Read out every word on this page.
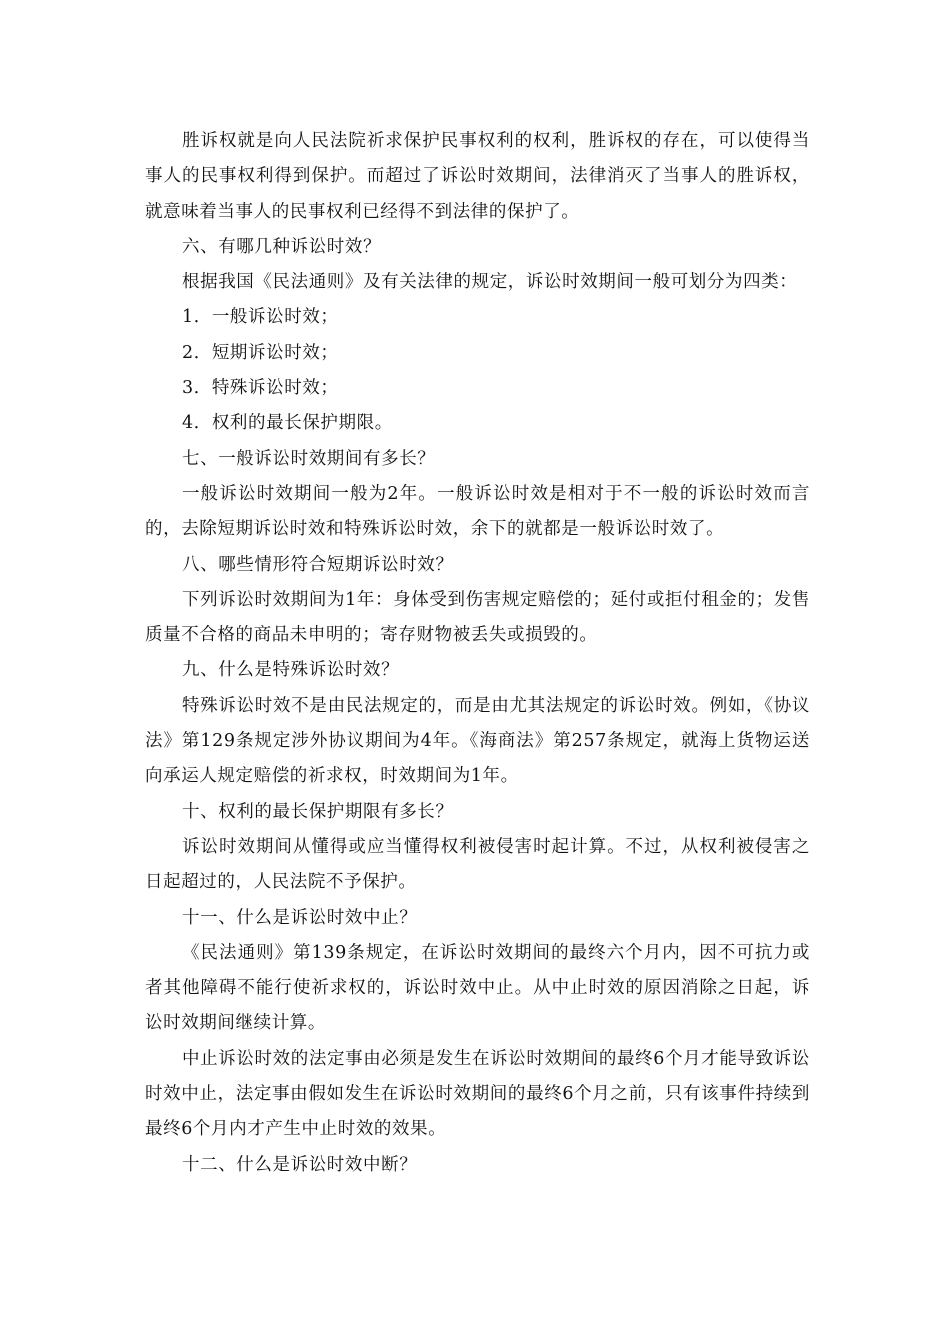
胜诉权就是向人民法院祈求保护民事权利的权利，胜诉权的存在，可以使得当事人的民事权利得到保护。而超过了诉讼时效期间，法律消灭了当事人的胜诉权，就意味着当事人的民事权利已经得不到法律的保护了。

六、有哪几种诉讼时效？

根据我国《民法通则》及有关法律的规定，诉讼时效期间一般可划分为四类：

1．一般诉讼时效；

2．短期诉讼时效；

3．特殊诉讼时效；

4．权利的最长保护期限。

七、一般诉讼时效期间有多长？

一般诉讼时效期间一般为2年。一般诉讼时效是相对于不一般的诉讼时效而言的，去除短期诉讼时效和特殊诉讼时效，余下的就都是一般诉讼时效了。

八、哪些情形符合短期诉讼时效？

下列诉讼时效期间为1年：身体受到伤害规定赔偿的；延付或拒付租金的；发售质量不合格的商品未申明的；寄存财物被丢失或损毁的。

九、什么是特殊诉讼时效？

特殊诉讼时效不是由民法规定的，而是由尤其法规定的诉讼时效。例如，《协议法》第129条规定涉外协议期间为4年。《海商法》第257条规定，就海上货物运送向承运人规定赔偿的祈求权，时效期间为1年。

十、权利的最长保护期限有多长？

诉讼时效期间从懂得或应当懂得权利被侵害时起计算。不过，从权利被侵害之日起超过的，人民法院不予保护。

十一、什么是诉讼时效中止？

《民法通则》第139条规定，在诉讼时效期间的最终六个月内，因不可抗力或者其他障碍不能行使祈求权的，诉讼时效中止。从中止时效的原因消除之日起，诉讼时效期间继续计算。

中止诉讼时效的法定事由必须是发生在诉讼时效期间的最终6个月才能导致诉讼时效中止，法定事由假如发生在诉讼时效期间的最终6个月之前，只有该事件持续到最终6个月内才产生中止时效的效果。

十二、什么是诉讼时效中断？
